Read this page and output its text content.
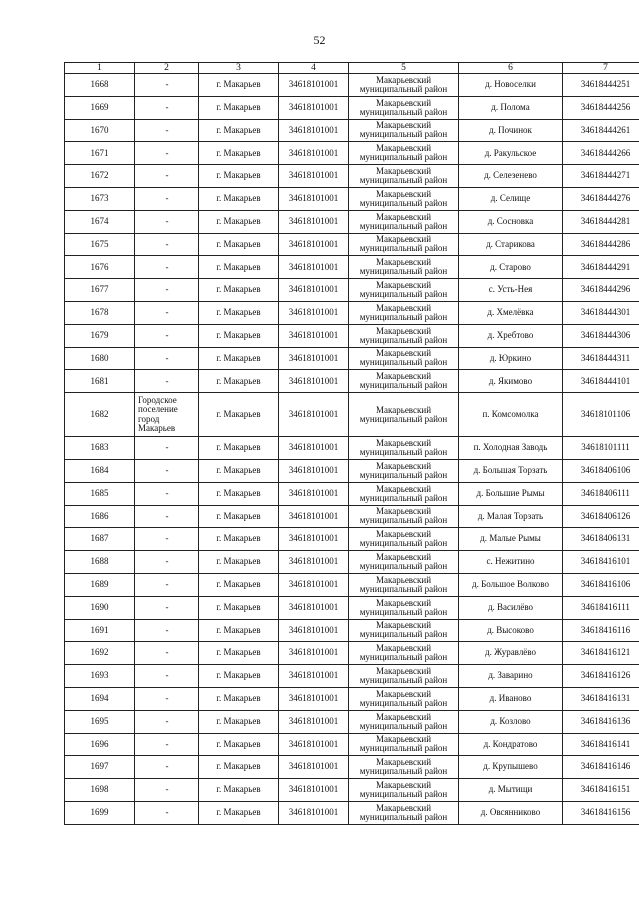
52
1	2	3	4	5	6	7
1668	-	г. Макарьев	34618101001	Макарьевский муниципальный район	д. Новоселки	34618444251
1669	-	г. Макарьев	34618101001	Макарьевский муниципальный район	д. Полома	34618444256
1670	-	г. Макарьев	34618101001	Макарьевский муниципальный район	д. Починок	34618444261
1671	-	г. Макарьев	34618101001	Макарьевский муниципальный район	д. Ракульское	34618444266
1672	-	г. Макарьев	34618101001	Макарьевский муниципальный район	д. Селезенево	34618444271
1673	-	г. Макарьев	34618101001	Макарьевский муниципальный район	д. Селище	34618444276
1674	-	г. Макарьев	34618101001	Макарьевский муниципальный район	д. Сосновка	34618444281
1675	-	г. Макарьев	34618101001	Макарьевский муниципальный район	д. Старикова	34618444286
1676	-	г. Макарьев	34618101001	Макарьевский муниципальный район	д. Старово	34618444291
1677	-	г. Макарьев	34618101001	Макарьевский муниципальный район	с. Усть-Нея	34618444296
1678	-	г. Макарьев	34618101001	Макарьевский муниципальный район	д. Хмелёвка	34618444301
1679	-	г. Макарьев	34618101001	Макарьевский муниципальный район	д. Хребтово	34618444306
1680	-	г. Макарьев	34618101001	Макарьевский муниципальный район	д. Юркино	34618444311
1681	-	г. Макарьев	34618101001	Макарьевский муниципальный район	д. Якимово	34618444101
1682	Городское поселение город Макарьев	г. Макарьев	34618101001	Макарьевский муниципальный район	п. Комсомолка	34618101106
1683	-	г. Макарьев	34618101001	Макарьевский муниципальный район	п. Холодная Заводь	34618101111
1684	-	г. Макарьев	34618101001	Макарьевский муниципальный район	д. Большая Торзать	34618406106
1685	-	г. Макарьев	34618101001	Макарьевский муниципальный район	д. Большие Рымы	34618406111
1686	-	г. Макарьев	34618101001	Макарьевский муниципальный район	д. Малая Торзать	34618406126
1687	-	г. Макарьев	34618101001	Макарьевский муниципальный район	д. Малые Рымы	34618406131
1688	-	г. Макарьев	34618101001	Макарьевский муниципальный район	с. Нежитино	34618416101
1689	-	г. Макарьев	34618101001	Макарьевский муниципальный район	д. Большое Волково	34618416106
1690	-	г. Макарьев	34618101001	Макарьевский муниципальный район	д. Василёво	34618416111
1691	-	г. Макарьев	34618101001	Макарьевский муниципальный район	д. Высоково	34618416116
1692	-	г. Макарьев	34618101001	Макарьевский муниципальный район	д. Журавлёво	34618416121
1693	-	г. Макарьев	34618101001	Макарьевский муниципальный район	д. Заварино	34618416126
1694	-	г. Макарьев	34618101001	Макарьевский муниципальный район	д. Иваново	34618416131
1695	-	г. Макарьев	34618101001	Макарьевский муниципальный район	д. Козлово	34618416136
1696	-	г. Макарьев	34618101001	Макарьевский муниципальный район	д. Кондратово	34618416141
1697	-	г. Макарьев	34618101001	Макарьевский муниципальный район	д. Крупышево	34618416146
1698	-	г. Макарьев	34618101001	Макарьевский муниципальный район	д. Мытищи	34618416151
1699	-	г. Макарьев	34618101001	Макарьевский муниципальный район	д. Овсянниково	34618416156
